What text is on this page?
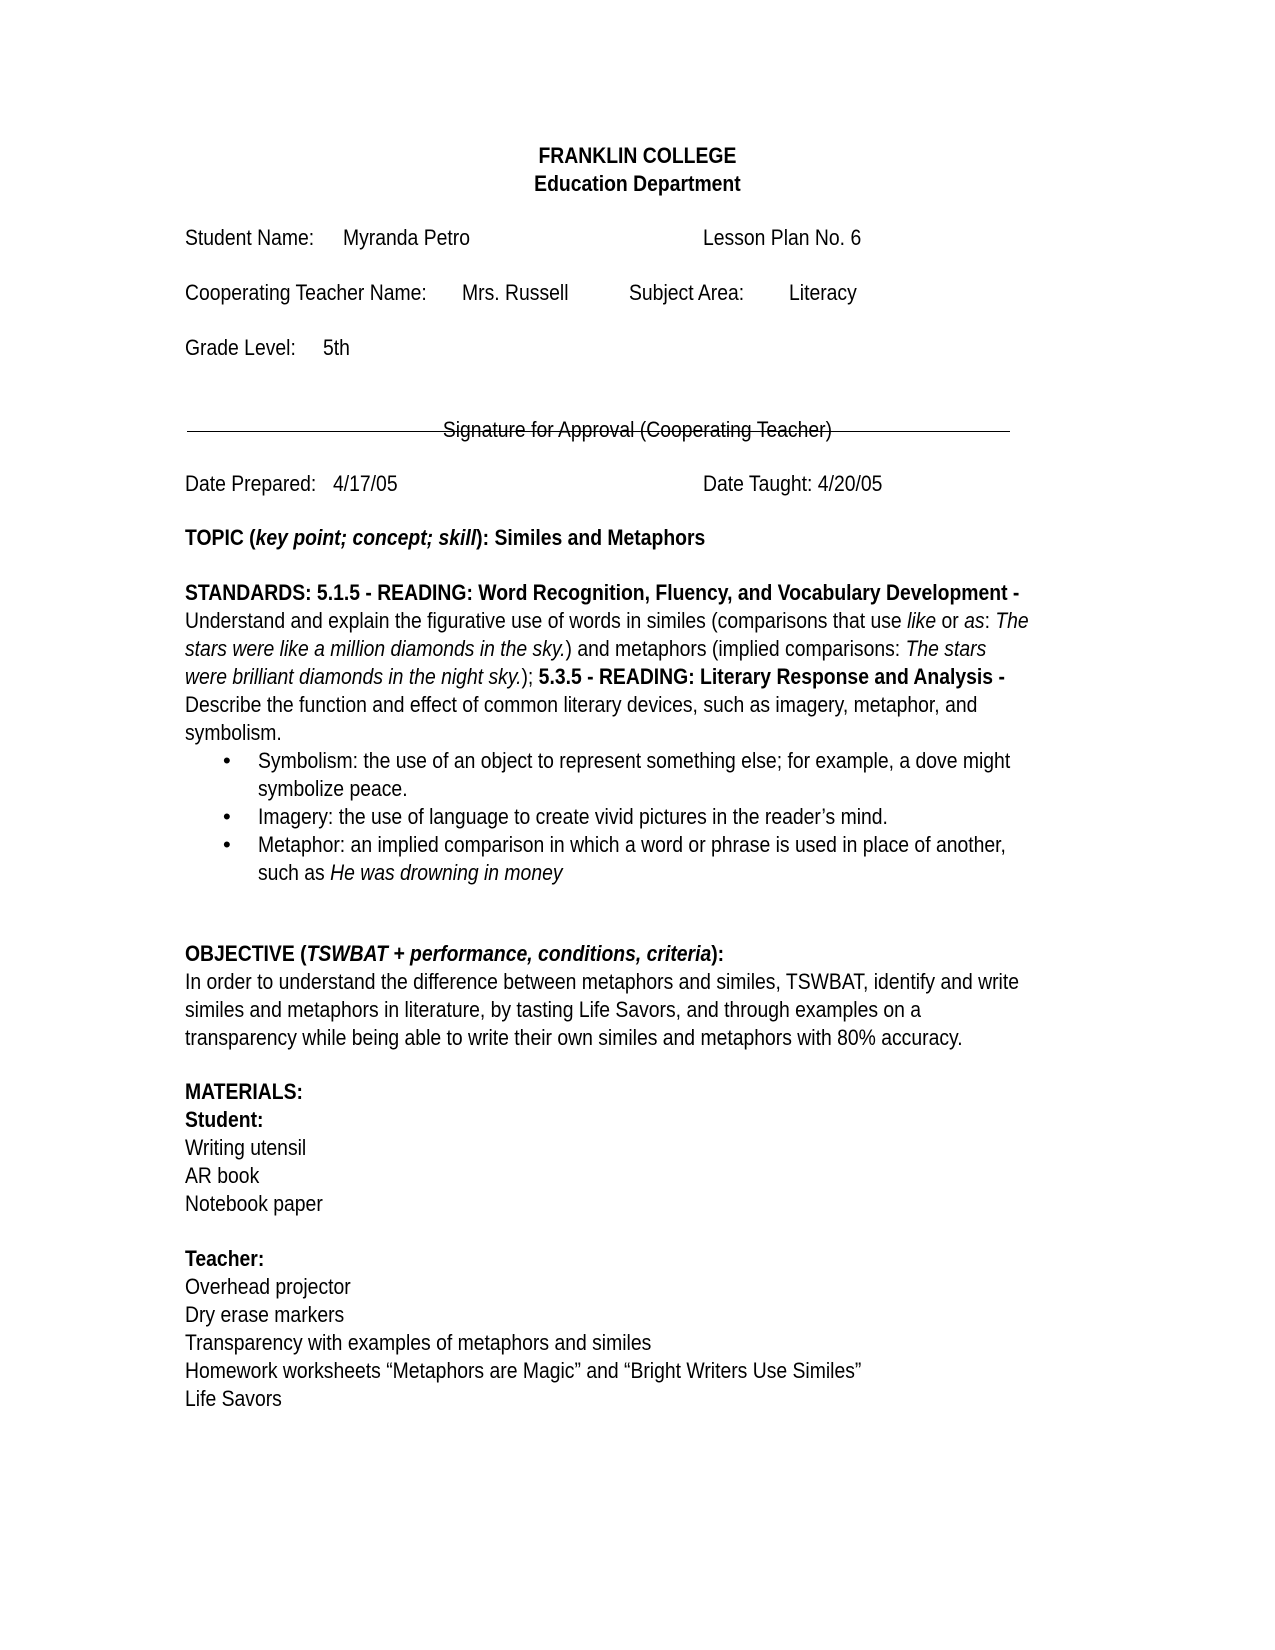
FRANKLIN COLLEGE
Education Department
Student Name: Myranda Petro	Lesson Plan No. 6
Cooperating Teacher Name: Mrs. Russell	Subject Area: Literacy
Grade Level: 5th
Signature for Approval (Cooperating Teacher)
Date Prepared: 4/17/05	Date Taught: 4/20/05
TOPIC (key point; concept; skill): Similes and Metaphors
STANDARDS: 5.1.5 - READING: Word Recognition, Fluency, and Vocabulary Development -
Understand and explain the figurative use of words in similes (comparisons that use like or as: The
stars were like a million diamonds in the sky.) and metaphors (implied comparisons: The stars
were brilliant diamonds in the night sky.); 5.3.5 - READING: Literary Response and Analysis -
Describe the function and effect of common literary devices, such as imagery, metaphor, and
symbolism.
• Symbolism: the use of an object to represent something else; for example, a dove might
symbolize peace.
• Imagery: the use of language to create vivid pictures in the reader’s mind.
• Metaphor: an implied comparison in which a word or phrase is used in place of another,
such as He was drowning in money
OBJECTIVE (TSWBAT + performance, conditions, criteria):
In order to understand the difference between metaphors and similes, TSWBAT, identify and write
similes and metaphors in literature, by tasting Life Savors, and through examples on a
transparency while being able to write their own similes and metaphors with 80% accuracy.
MATERIALS:
Student:
Writing utensil
AR book
Notebook paper
Teacher:
Overhead projector
Dry erase markers
Transparency with examples of metaphors and similes
Homework worksheets “Metaphors are Magic” and “Bright Writers Use Similes”
Life Savors
